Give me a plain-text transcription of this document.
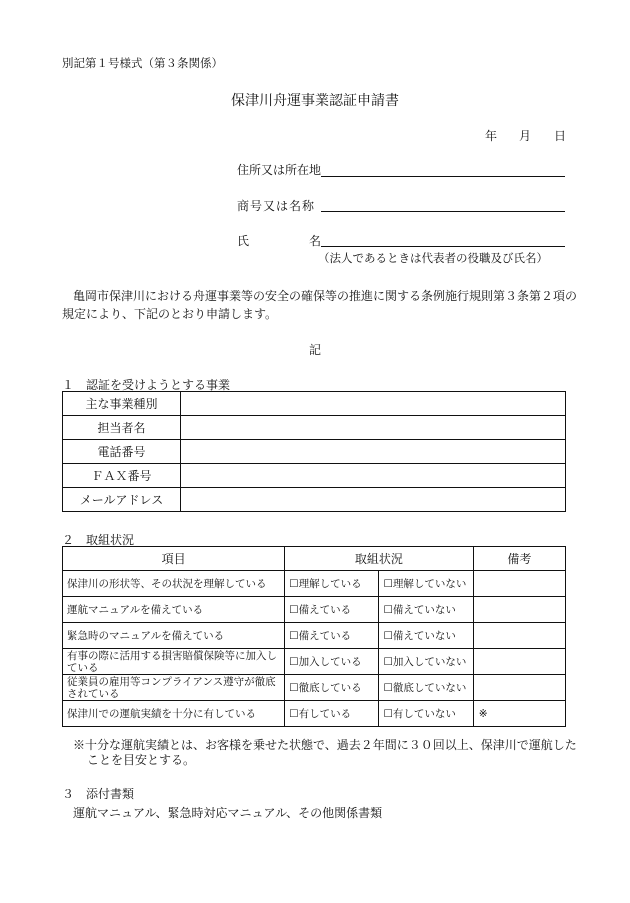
別記第１号様式（第３条関係）
保津川舟運事業認証申請書
年 月 日
住所又は所在地
商号又は名称
氏	名
（法人であるときは代表者の役職及び氏名）
亀岡市保津川における舟運事業等の安全の確保等の推進に関する条例施行規則第３条第２項の
規定により、下記のとおり申請します。
記
１　認証を受けようとする事業
主な事業種別	
担当者名	
電話番号	
ＦＡＸ番号	
メールアドレス	
２　取組状況
項目	取組状況		備考
保津川の形状等、その状況を理解している	☐理解している	☐理解していない	
運航マニュアルを備えている	☐備えている	☐備えていない	
緊急時のマニュアルを備えている	☐備えている	☐備えていない	
有事の際に活用する損害賠償保険等に加入している	☐加入している	☐加入していない	
従業員の雇用等コンプライアンス遵守が徹底されている	☐徹底している	☐徹底していない	
保津川での運航実績を十分に有している	☐有している	☐有していない	※
※十分な運航実績とは、お客様を乗せた状態で、過去２年間に３０回以上、保津川で運航した
ことを目安とする。
３　添付書類
運航マニュアル、緊急時対応マニュアル、その他関係書類
